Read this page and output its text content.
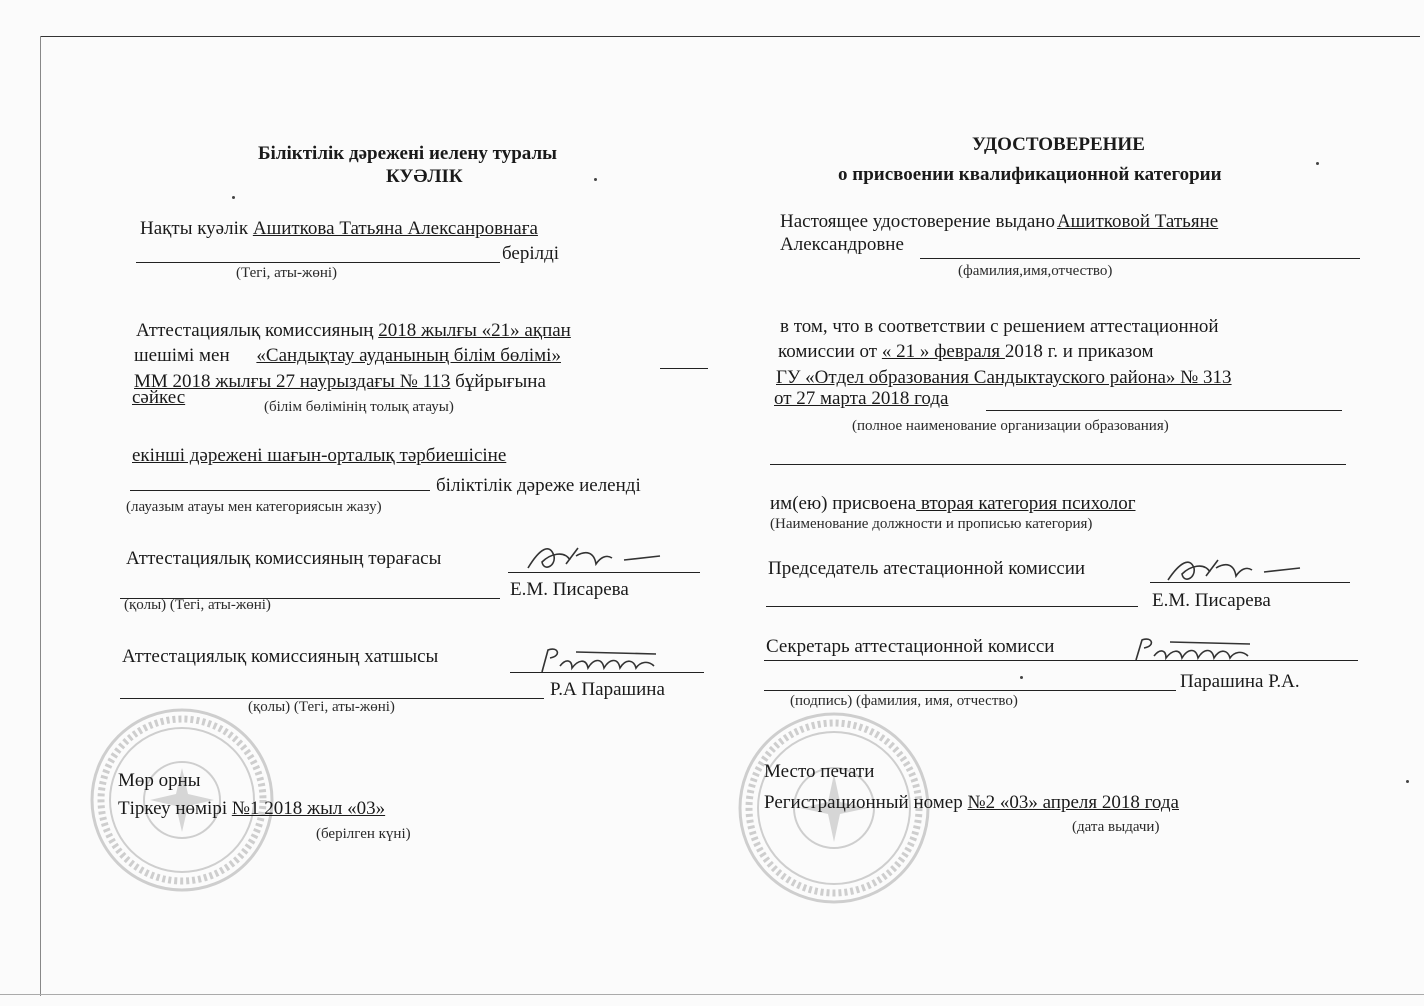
Біліктілік дәрежені иелену туралы
КУӘЛІК
Нақты куәлік Ашиткова Татьяна Алексанровнаға
берілді
(Тегі, аты-жөні)
Аттестациялық комиссияның 2018 жылғы «21» ақпан
шешімі мен «Сандықтау ауданының білім бөлімі»
ММ 2018 жылғы 27 наурыздағы № 113 бұйрығына
сәйкес	(білім бөлімінің толық атауы)
екінші дәрежені шағын-орталық тәрбиешісіне
біліктілік дәреже иеленді
(лауазым атауы мен категориясын жазу)
Аттестациялық комиссияның төрағасы
Е.М. Писарева
(қолы) (Тегі, аты-жөні)
Аттестациялық комиссияның хатшысы
Р.А Парашина
(қолы) (Тегі, аты-жөні)
Мөр орны
Тіркеу нөмірі №1 2018 жыл «03»
(берілген күні)
УДОСТОВЕРЕНИЕ
о присвоении квалификационной категории
Настоящее удостоверение выдано Ашитковой Татьяне
Александровне
(фамилия,имя,отчество)
в том, что в соответствии с решением аттестационной
комиссии от « 21 » февраля 2018 г. и приказом
ГУ «Отдел образования Сандыктауского района» № 313
от 27 марта 2018 года
(полное наименование организации образования)
им(ею) присвоена вторая категория психолог
(Наименование должности и прописью категория)
Председатель атестационной комиссии
Е.М. Писарева
Секретарь аттестационной комисси
Парашина Р.А.
(подпись) (фамилия, имя, отчество)
Место печати
Регистрационный номер №2 «03» апреля 2018 года
(дата выдачи)
